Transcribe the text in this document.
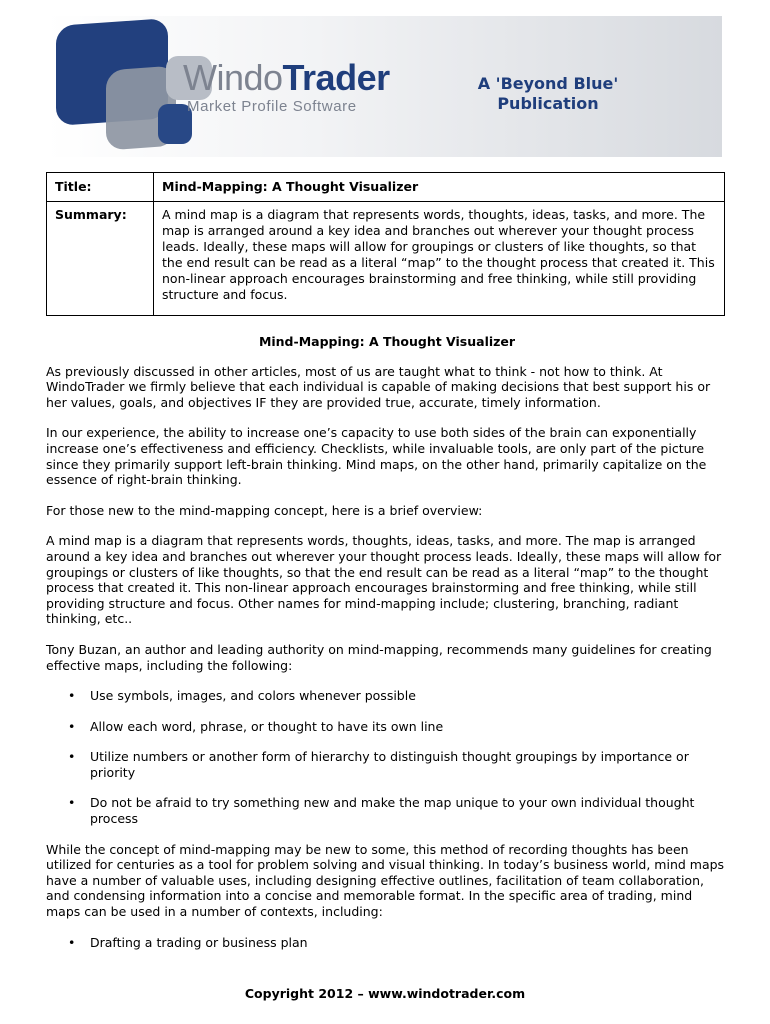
WindoTrader
Market Profile Software
A 'Beyond Blue'
Publication
Title:	Mind-Mapping: A Thought Visualizer
Summary:	A mind map is a diagram that represents words, thoughts, ideas, tasks, and more. The map is arranged around a key idea and branches out wherever your thought process leads. Ideally, these maps will allow for groupings or clusters of like thoughts, so that the end result can be read as a literal “map” to the thought process that created it. This non-linear approach encourages brainstorming and free thinking, while still providing structure and focus.
Mind-Mapping: A Thought Visualizer

As previously discussed in other articles, most of us are taught what to think - not how to think. At WindoTrader we firmly believe that each individual is capable of making decisions that best support his or her values, goals, and objectives IF they are provided true, accurate, timely information.

In our experience, the ability to increase one’s capacity to use both sides of the brain can exponentially increase one’s effectiveness and efficiency. Checklists, while invaluable tools, are only part of the picture since they primarily support left-brain thinking. Mind maps, on the other hand, primarily capitalize on the essence of right-brain thinking.

For those new to the mind-mapping concept, here is a brief overview:

A mind map is a diagram that represents words, thoughts, ideas, tasks, and more. The map is arranged around a key idea and branches out wherever your thought process leads. Ideally, these maps will allow for groupings or clusters of like thoughts, so that the end result can be read as a literal “map” to the thought process that created it. This non-linear approach encourages brainstorming and free thinking, while still providing structure and focus. Other names for mind-mapping include; clustering, branching, radiant thinking, etc..

Tony Buzan, an author and leading authority on mind-mapping, recommends many guidelines for creating effective maps, including the following:

• Use symbols, images, and colors whenever possible
• Allow each word, phrase, or thought to have its own line
• Utilize numbers or another form of hierarchy to distinguish thought groupings by importance or priority
• Do not be afraid to try something new and make the map unique to your own individual thought process

While the concept of mind-mapping may be new to some, this method of recording thoughts has been utilized for centuries as a tool for problem solving and visual thinking. In today’s business world, mind maps have a number of valuable uses, including designing effective outlines, facilitation of team collaboration, and condensing information into a concise and memorable format. In the specific area of trading, mind maps can be used in a number of contexts, including:

• Drafting a trading or business plan
Copyright 2012 – www.windotrader.com
